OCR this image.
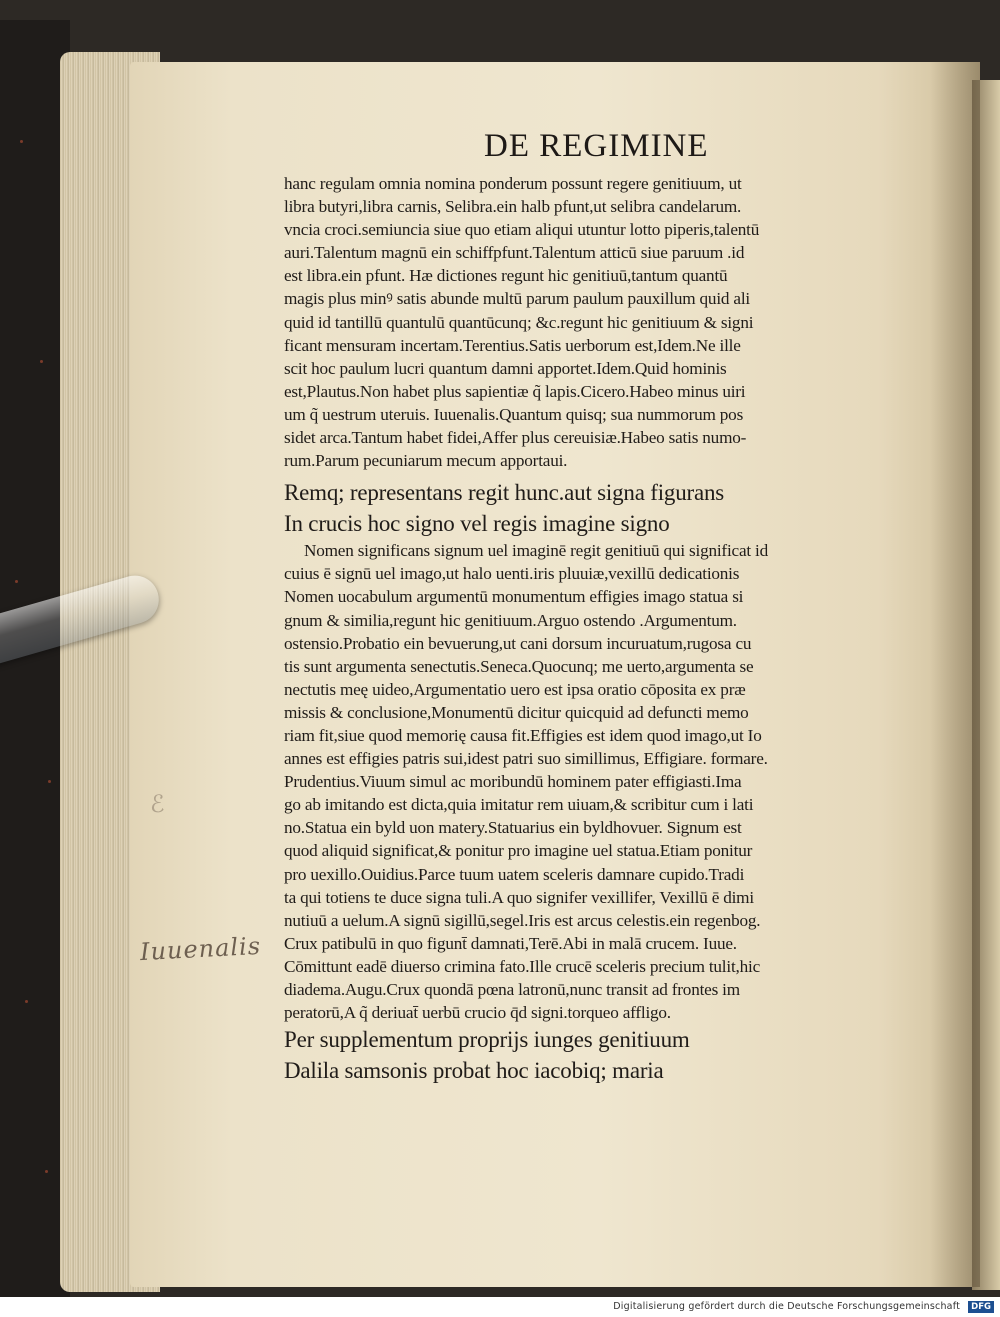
DE REGIMINE
hanc regulam omnia nomina ponderum possunt regere genitiuum, ut
libra butyri,libra carnis, Selibra.ein halb pfunt,ut selibra candelarum.
vncia croci.semiuncia siue quo etiam aliqui utuntur lotto piperis,talentū
auri.Talentum magnū ein schiffpfunt.Talentum atticū siue paruum .id
est libra.ein pfunt. Hæ dictiones regunt hic genitiuū,tantum quantū
magis plus minꝰ satis abunde multū parum paulum pauxillum quid ali
quid id tantillū quantulū quantūcunq; &c.regunt hic genitiuum & signi
ficant mensuram incertam.Terentius.Satis uerborum est,Idem.Ne ille
scit hoc paulum lucri quantum damni apportet.Idem.Quid hominis
est,Plautus.Non habet plus sapientiæ q̃ lapis.Cicero.Habeo minus uiri
um q̃ uestrum uteruis. Iuuenalis.Quantum quisq; sua nummorum pos
sidet arca.Tantum habet fidei,Affer plus cereuisiæ.Habeo satis numo-
rum.Parum pecuniarum mecum apportaui.
Remq; representans regit hunc.aut signa figurans
In crucis hoc signo vel regis imagine signo
Nomen significans signum uel imaginē regit genitiuū qui significat id
cuius ē signū uel imago,ut halo uenti.iris pluuiæ,vexillū dedicationis
Nomen uocabulum argumentū monumentum effigies imago statua si
gnum & similia,regunt hic genitiuum.Arguo ostendo .Argumentum.
ostensio.Probatio ein bevuerung,ut cani dorsum incuruatum,rugosa cu
tis sunt argumenta senectutis.Seneca.Quocunq; me uerto,argumenta se
nectutis meę uideo,Argumentatio uero est ipsa oratio cōposita ex præ
missis & conclusione,Monumentū dicitur quicquid ad defuncti memo
riam fit,siue quod memorię causa fit.Effigies est idem quod imago,ut Io
annes est effigies patris sui,idest patri suo simillimus, Effigiare. formare.
Prudentius.Viuum simul ac moribundū hominem pater effigiasti.Ima
go ab imitando est dicta,quia imitatur rem uiuam,& scribitur cum i lati
no.Statua ein byld uon matery.Statuarius ein byldhovuer. Signum est
quod aliquid significat,& ponitur pro imagine uel statua.Etiam ponitur
pro uexillo.Ouidius.Parce tuum uatem sceleris damnare cupido.Tradi
ta qui totiens te duce signa tuli.A quo signifer vexillifer, Vexillū ē dimi
nutiuū a uelum.A signū sigillū,segel.Iris est arcus celestis.ein regenbog.
Crux patibulū in quo figunt̄ damnati,Terē.Abi in malā crucem. Iuue.
Cōmittunt eadē diuerso crimina fato.Ille crucē sceleris precium tulit,hic
diadema.Augu.Crux quondā pœna latronū,nunc transit ad frontes im
peratorū,A q̃ deriuat̄ uerbū crucio q̄d signi.torqueo affligo.
Per supplementum proprijs iunges genitiuum
Dalila samsonis probat hoc iacobiq; maria
ℰ
Iuuenalis
Digitalisierung gefördert durch die Deutsche Forschungsgemeinschaft	DFG
